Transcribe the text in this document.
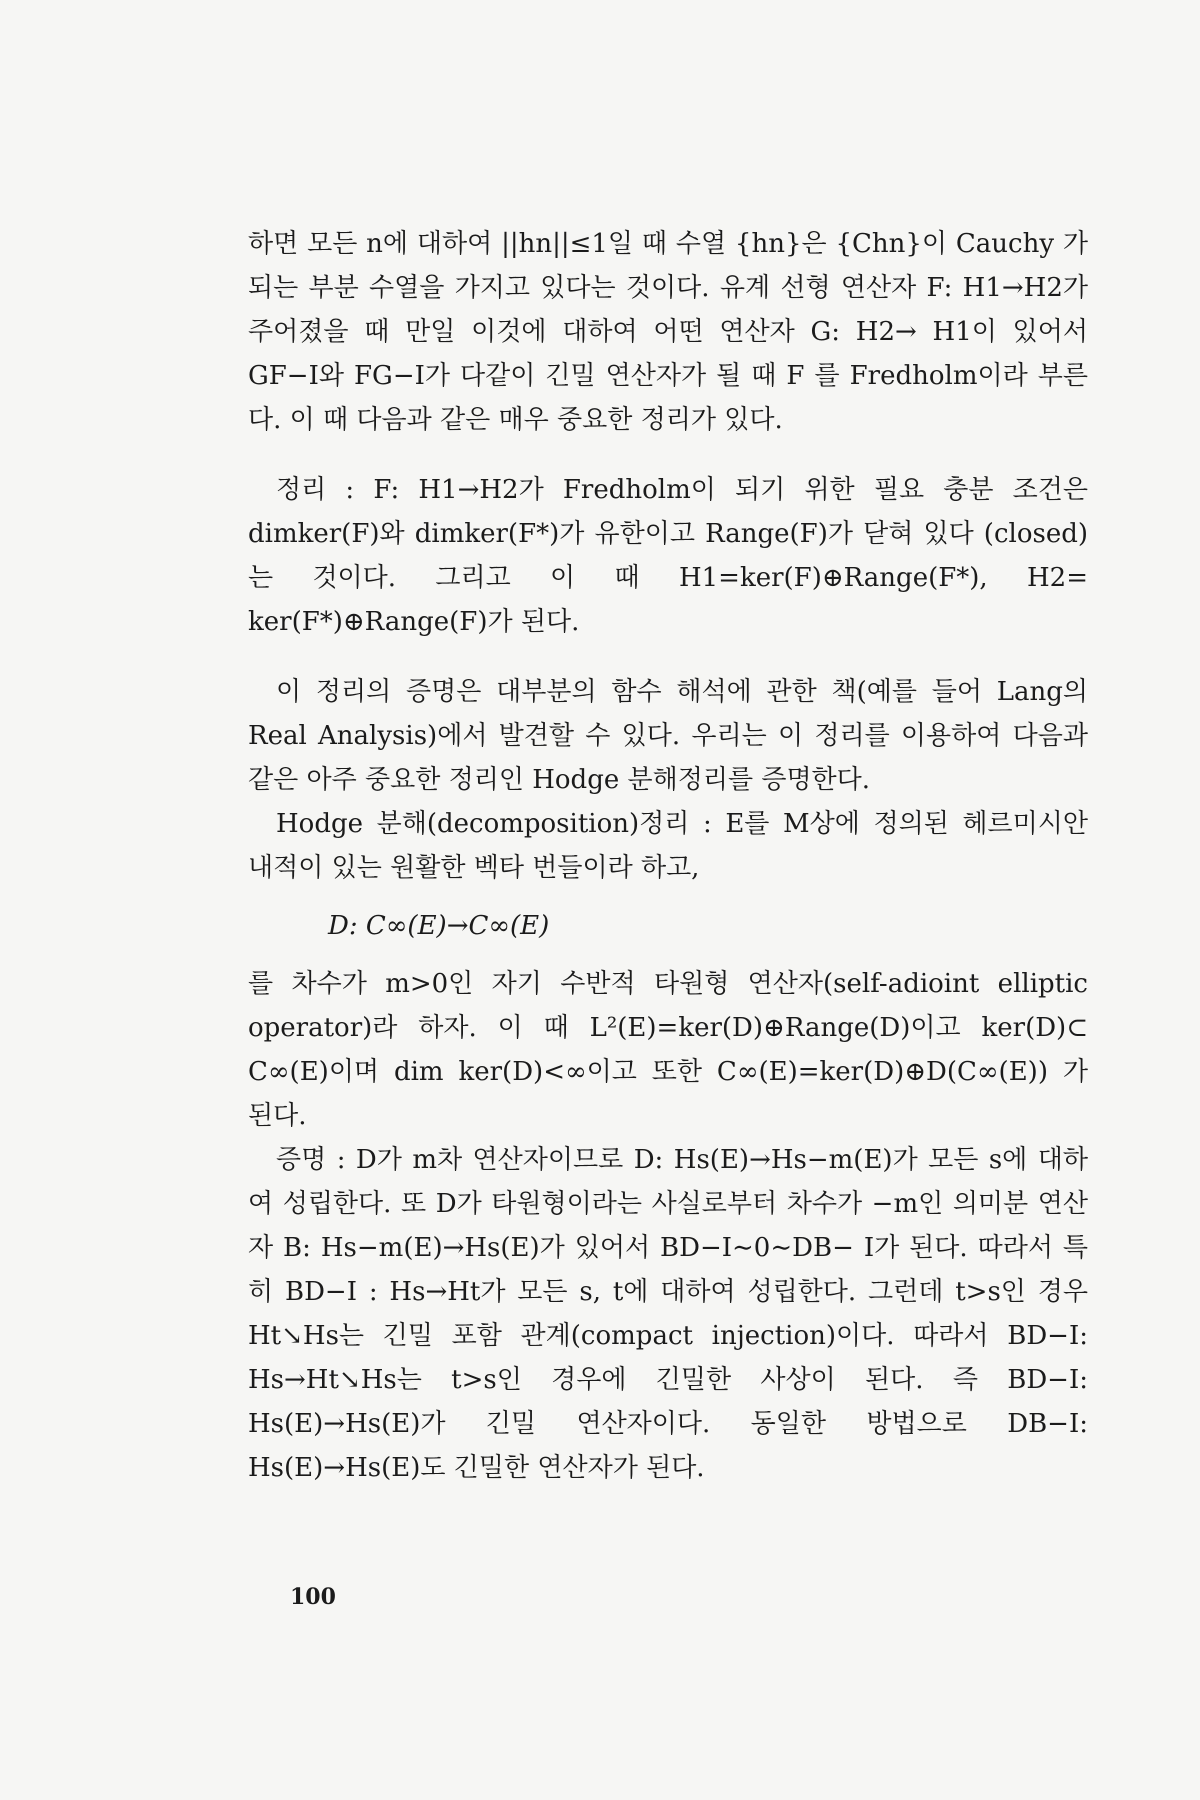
하면 모든 n에 대하여 ||hn||≤1일 때 수열 {hn}은 {Chn}이 Cauchy 가 되는 부분 수열을 가지고 있다는 것이다. 유계 선형 연산자 F: H1→H2가 주어졌을 때 만일 이것에 대하여 어떤 연산자 G: H2→ H1이 있어서 GF−I와 FG−I가 다같이 긴밀 연산자가 될 때 F 를 Fredholm이라 부른다. 이 때 다음과 같은 매우 중요한 정리가 있다.

정리 : F: H1→H2가 Fredholm이 되기 위한 필요 충분 조건은 dimker(F)와 dimker(F*)가 유한이고 Range(F)가 닫혀 있다 (closed)는 것이다. 그리고 이 때 H1=ker(F)⊕Range(F*), H2= ker(F*)⊕Range(F)가 된다.

이 정리의 증명은 대부분의 함수 해석에 관한 책(예를 들어 Lang의 Real Analysis)에서 발견할 수 있다. 우리는 이 정리를 이용하여 다음과 같은 아주 중요한 정리인 Hodge 분해정리를 증명한다.

Hodge 분해(decomposition)정리 : E를 M상에 정의된 헤르미시안 내적이 있는 원활한 벡타 번들이라 하고,

D: C∞(E)→C∞(E)

를 차수가 m>0인 자기 수반적 타원형 연산자(self-adioint elliptic operator)라 하자. 이 때 L²(E)=ker(D)⊕Range(D)이고 ker(D)⊂ C∞(E)이며 dim ker(D)<∞이고 또한 C∞(E)=ker(D)⊕D(C∞(E)) 가 된다.

증명 : D가 m차 연산자이므로 D: Hs(E)→Hs−m(E)가 모든 s에 대하여 성립한다. 또 D가 타원형이라는 사실로부터 차수가 −m인 의미분 연산자 B: Hs−m(E)→Hs(E)가 있어서 BD−I∼0∼DB− I가 된다. 따라서 특히 BD−I : Hs→Ht가 모든 s, t에 대하여 성립한다. 그런데 t>s인 경우 Ht↘Hs는 긴밀 포함 관계(compact injection)이다. 따라서 BD−I: Hs→Ht↘Hs는 t>s인 경우에 긴밀한 사상이 된다. 즉 BD−I: Hs(E)→Hs(E)가 긴밀 연산자이다. 동일한 방법으로 DB−I: Hs(E)→Hs(E)도 긴밀한 연산자가 된다.

100
